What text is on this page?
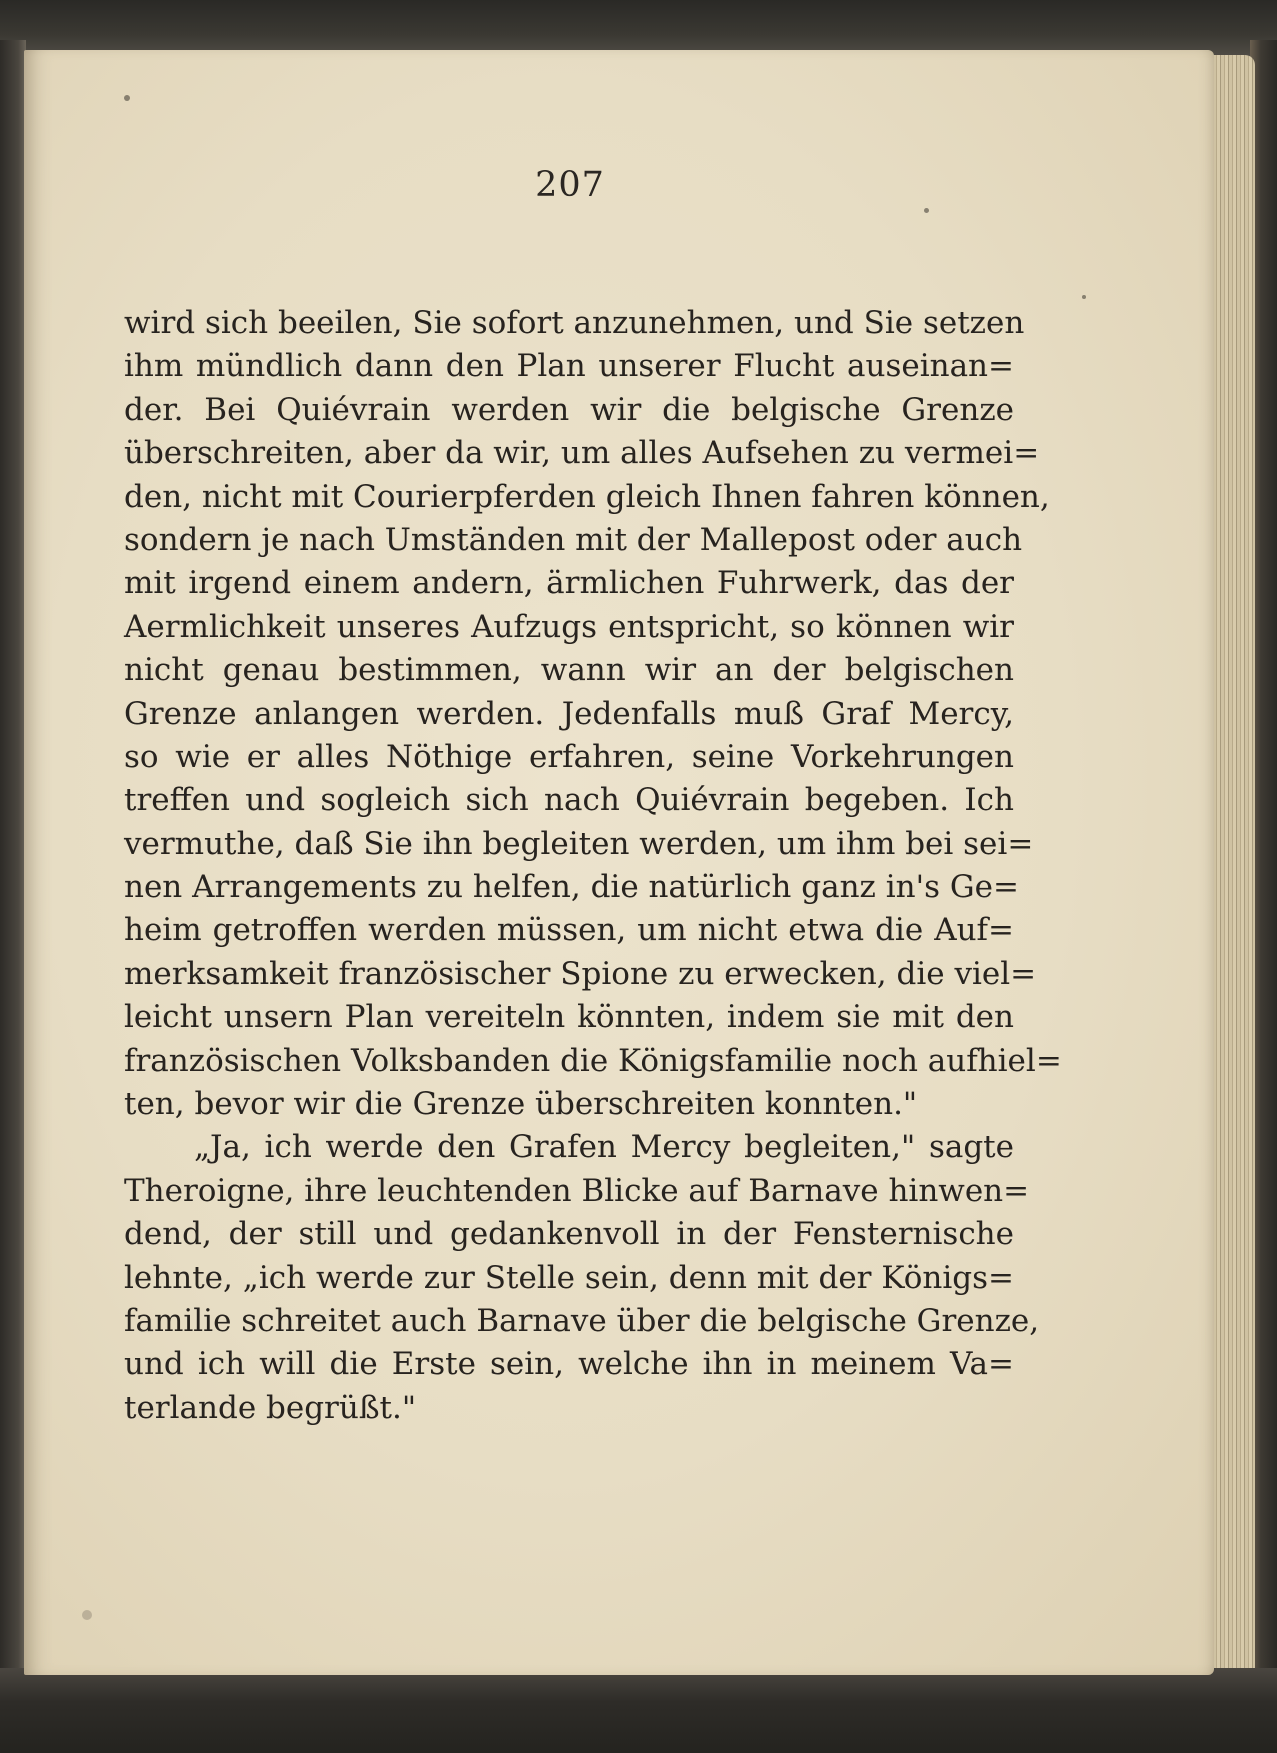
207
wird sich beeilen, Sie sofort anzunehmen, und Sie setzen
ihm mündlich dann den Plan unserer Flucht auseinan=
der. Bei Quiévrain werden wir die belgische Grenze
überschreiten, aber da wir, um alles Aufsehen zu vermei=
den, nicht mit Courierpferden gleich Ihnen fahren können,
sondern je nach Umständen mit der Mallepost oder auch
mit irgend einem andern, ärmlichen Fuhrwerk, das der
Aermlichkeit unseres Aufzugs entspricht, so können wir
nicht genau bestimmen, wann wir an der belgischen
Grenze anlangen werden. Jedenfalls muß Graf Mercy,
so wie er alles Nöthige erfahren, seine Vorkehrungen
treffen und sogleich sich nach Quiévrain begeben. Ich
vermuthe, daß Sie ihn begleiten werden, um ihm bei sei=
nen Arrangements zu helfen, die natürlich ganz in's Ge=
heim getroffen werden müssen, um nicht etwa die Auf=
merksamkeit französischer Spione zu erwecken, die viel=
leicht unsern Plan vereiteln könnten, indem sie mit den
französischen Volksbanden die Königsfamilie noch aufhiel=
ten, bevor wir die Grenze überschreiten konnten."
„Ja, ich werde den Grafen Mercy begleiten," sagte
Theroigne, ihre leuchtenden Blicke auf Barnave hinwen=
dend, der still und gedankenvoll in der Fensternische
lehnte, „ich werde zur Stelle sein, denn mit der Königs=
familie schreitet auch Barnave über die belgische Grenze,
und ich will die Erste sein, welche ihn in meinem Va=
terlande begrüßt."
